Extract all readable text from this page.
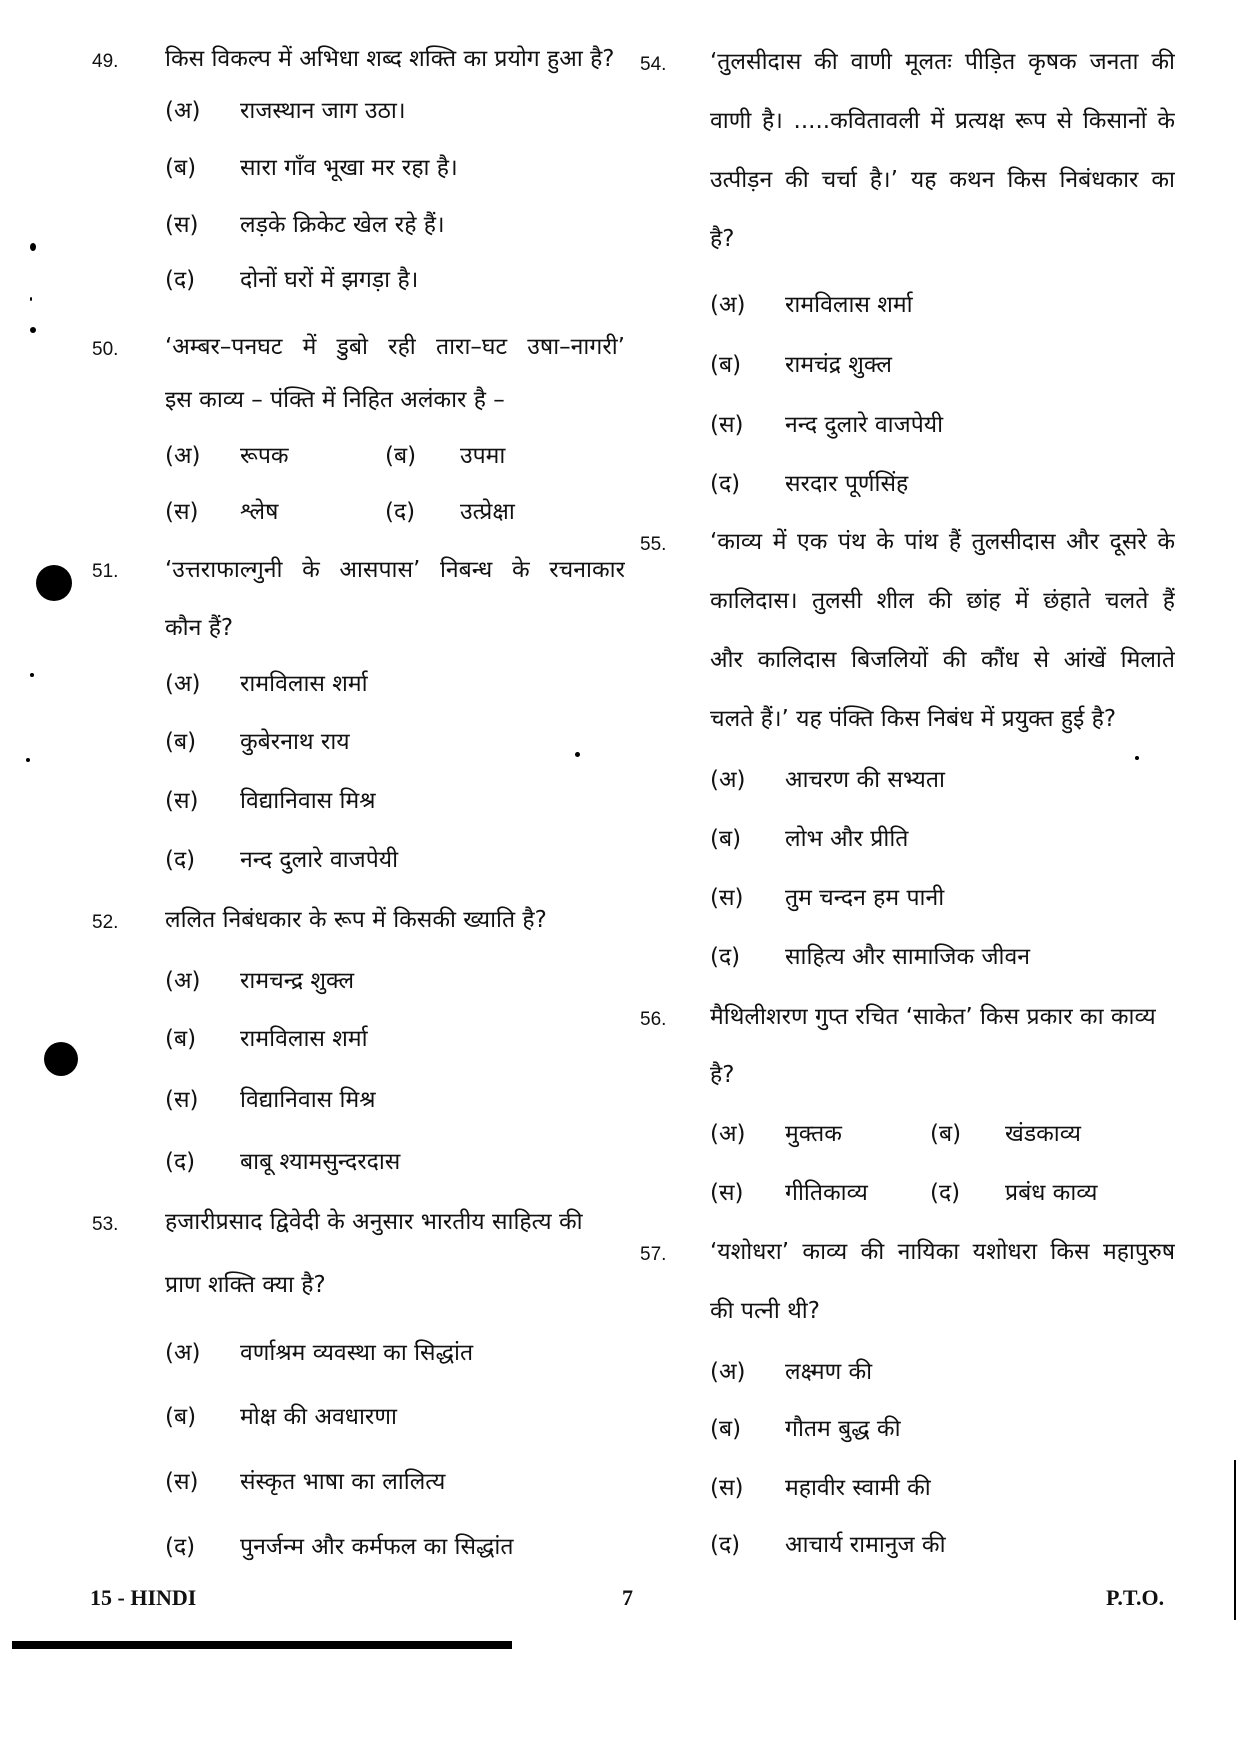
49. किस विकल्प में अभिधा शब्द शक्ति का प्रयोग हुआ है?
(अ) राजस्थान जाग उठा।
(ब) सारा गाँव भूखा मर रहा है।
(स) लड़के क्रिकेट खेल रहे हैं।
(द) दोनों घरों में झगड़ा है।
50. ‘अम्बर–पनघट में डुबो रही तारा–घट उषा–नागरी’
इस काव्य – पंक्ति में निहित अलंकार है –
(अ) रूपक	(ब) उपमा
(स) श्लेष	(द) उत्प्रेक्षा
51. ‘उत्तराफाल्गुनी के आसपास’ निबन्ध के रचनाकार
कौन हैं?
(अ) रामविलास शर्मा
(ब) कुबेरनाथ राय
(स) विद्यानिवास मिश्र
(द) नन्द दुलारे वाजपेयी
52. ललित निबंधकार के रूप में किसकी ख्याति है?
(अ) रामचन्द्र शुक्ल
(ब) रामविलास शर्मा
(स) विद्यानिवास मिश्र
(द) बाबू श्यामसुन्दरदास
53. हजारीप्रसाद द्विवेदी के अनुसार भारतीय साहित्य की
प्राण शक्ति क्या है?
(अ) वर्णाश्रम व्यवस्था का सिद्धांत
(ब) मोक्ष की अवधारणा
(स) संस्कृत भाषा का लालित्य
(द) पुनर्जन्म और कर्मफल का सिद्धांत
54. ‘तुलसीदास की वाणी मूलतः पीड़ित कृषक जनता की
वाणी है। .....कवितावली में प्रत्यक्ष रूप से किसानों के
उत्पीड़न की चर्चा है।’ यह कथन किस निबंधकार का
है?
(अ) रामविलास शर्मा
(ब) रामचंद्र शुक्ल
(स) नन्द दुलारे वाजपेयी
(द) सरदार पूर्णसिंह
55. ‘काव्य में एक पंथ के पांथ हैं तुलसीदास और दूसरे के
कालिदास। तुलसी शील की छांह में छंहाते चलते हैं
और कालिदास बिजलियों की कौंध से आंखें मिलाते
चलते हैं।’ यह पंक्ति किस निबंध में प्रयुक्त हुई है?
(अ) आचरण की सभ्यता
(ब) लोभ और प्रीति
(स) तुम चन्दन हम पानी
(द) साहित्य और सामाजिक जीवन
56. मैथिलीशरण गुप्त रचित ‘साकेत’ किस प्रकार का काव्य
है?
(अ) मुक्तक	(ब) खंडकाव्य
(स) गीतिकाव्य	(द) प्रबंध काव्य
57. ‘यशोधरा’ काव्य की नायिका यशोधरा किस महापुरुष
की पत्नी थी?
(अ) लक्ष्मण की
(ब) गौतम बुद्ध की
(स) महावीर स्वामी की
(द) आचार्य रामानुज की
15 - HINDI	7	P.T.O.
